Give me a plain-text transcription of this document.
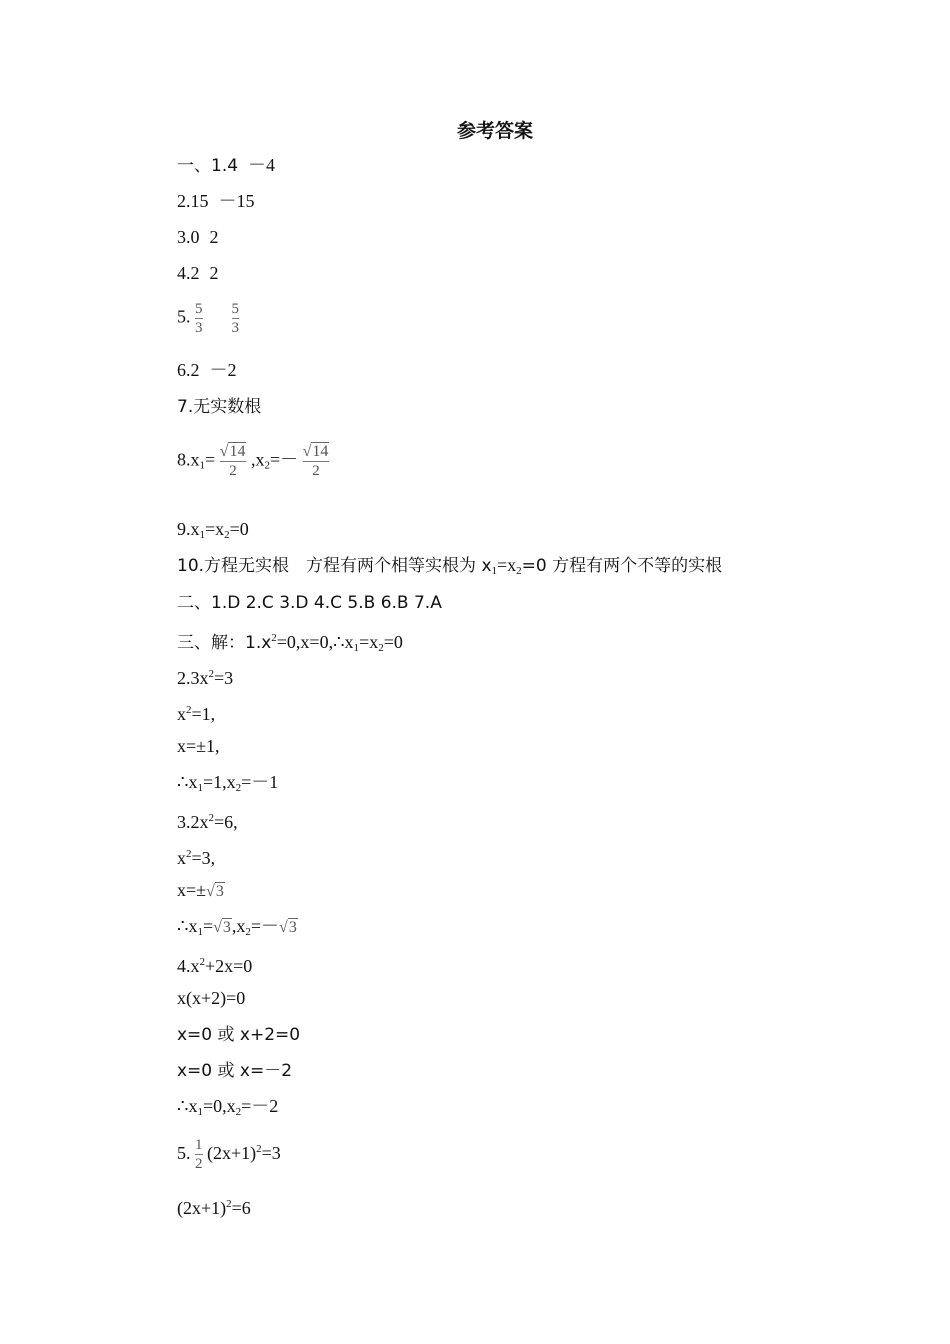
参考答案
一、1.4 －4
2.15 －15
3.0 2
4.2 2
5. $\frac{5}{3}$
$\frac{5}{3}$
6.2 －2
7.无实数根
$8.x_1= \frac{√14}{2} ,x_2=- \frac{√14}{2}$
$9.x_1=x_2=0$
10.方程无实根　方程有两个相等实根为 $x_1=x_2=0$ 方程有两个不等的实根
二、1.D 2.C 3.D 4.C 5.B 6.B 7.A
三、解：$1.x^2=0,x=0,\therefore x_1=x_2=0$
$2.3x^2=3$
$x^2=1$,
x=±1,
$\therefore x_1=1,x_2=-1$
$3.2x^2=6$,
$x^2=3$,
x=±√3
$\therefore x_1=√3,x_2=-√3$
$4.x^2+2x=0$
x(x+2)=0
x=0 或 x+2=0
x=0 或 x=－2
$\therefore x_1=0,x_2=-2$
5. $\frac{1}{2} (2x+1)^2=3$
$(2x+1)^2=6$
